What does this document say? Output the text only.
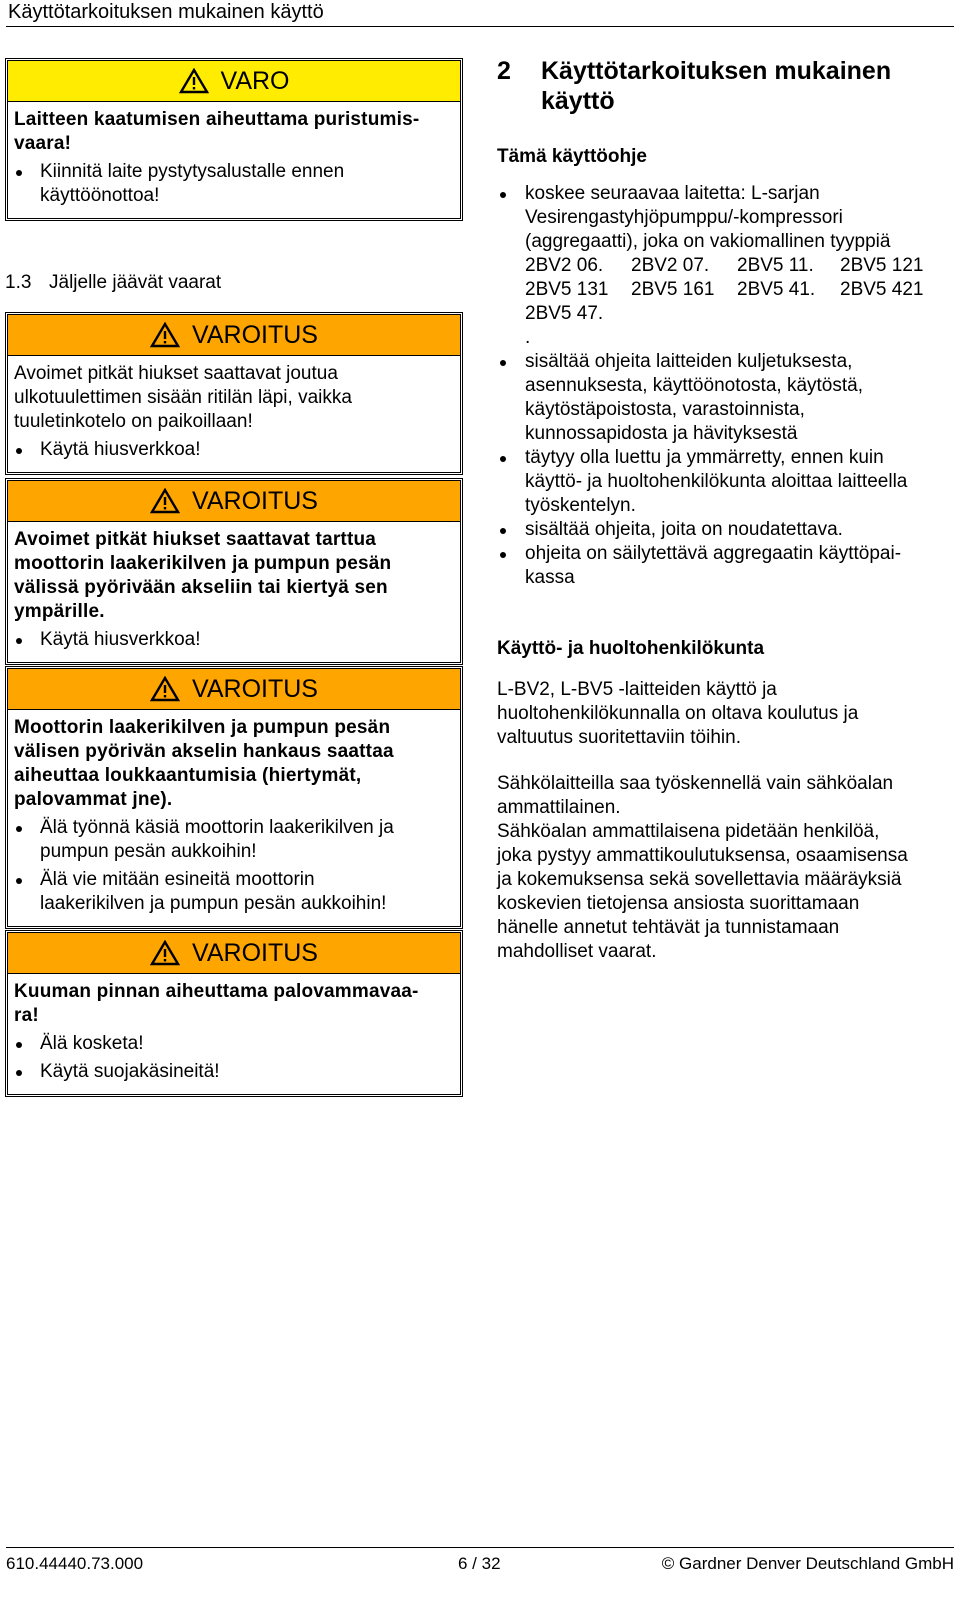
Käyttötarkoituksen mukainen käyttö
VARO
Laitteen kaatumisen aiheuttama puristumis-
vaara!
Kiinnitä laite pystytysalustalle ennen
käyttöönottoa!
1.3 Jäljelle jäävät vaarat
VAROITUS
Avoimet pitkät hiukset saattavat joutua
ulkotuulettimen sisään ritilän läpi, vaikka
tuuletinkotelo on paikoillaan!
Käytä hiusverkkoa!
VAROITUS
Avoimet pitkät hiukset saattavat tarttua
moottorin laakerikilven ja pumpun pesän
välissä pyörivään akseliin tai kiertyä sen
ympärille.
Käytä hiusverkkoa!
VAROITUS
Moottorin laakerikilven ja pumpun pesän
välisen pyörivän akselin hankaus saattaa
aiheuttaa loukkaantumisia (hiertymät,
palovammat jne).
Älä työnnä käsiä moottorin laakerikilven ja
pumpun pesän aukkoihin!
Älä vie mitään esineitä moottorin
laakerikilven ja pumpun pesän aukkoihin!
VAROITUS
Kuuman pinnan aiheuttama palovammavaa-
ra!
Älä kosketa!
Käytä suojakäsineitä!
2 Käyttötarkoituksen mukainen
käyttö

Tämä käyttöohje

koskee seuraavaa laitetta: L-sarjan
Vesirengastyhjöpumppu/-kompressori
(aggregaatti), joka on vakiomallinen tyyppiä
2BV2 06.	2BV2 07.	2BV5 11.	2BV5 121
2BV5 131	2BV5 161	2BV5 41.	2BV5 421
2BV5 47.
.
sisältää ohjeita laitteiden kuljetuksesta,
asennuksesta, käyttöönotosta, käytöstä,
käytöstäpoistosta, varastoinnista,
kunnossapidosta ja hävityksestä
täytyy olla luettu ja ymmärretty, ennen kuin
käyttö- ja huoltohenkilökunta aloittaa laitteella
työskentelyn.
sisältää ohjeita, joita on noudatettava.
ohjeita on säilytettävä aggregaatin käyttöpai-
kassa

Käyttö- ja huoltohenkilökunta

L-BV2, L-BV5 -laitteiden käyttö ja
huoltohenkilökunnalla on oltava koulutus ja
valtuutus suoritettaviin töihin.

Sähkölaitteilla saa työskennellä vain sähköalan
ammattilainen.
Sähköalan ammattilaisena pidetään henkilöä,
joka pystyy ammattikoulutuksensa, osaamisensa
ja kokemuksensa sekä sovellettavia määräyksiä
koskevien tietojensa ansiosta suorittamaan
hänelle annetut tehtävät ja tunnistamaan
mahdolliset vaarat.

610.44440.73.000	6 / 32	© Gardner Denver Deutschland GmbH
